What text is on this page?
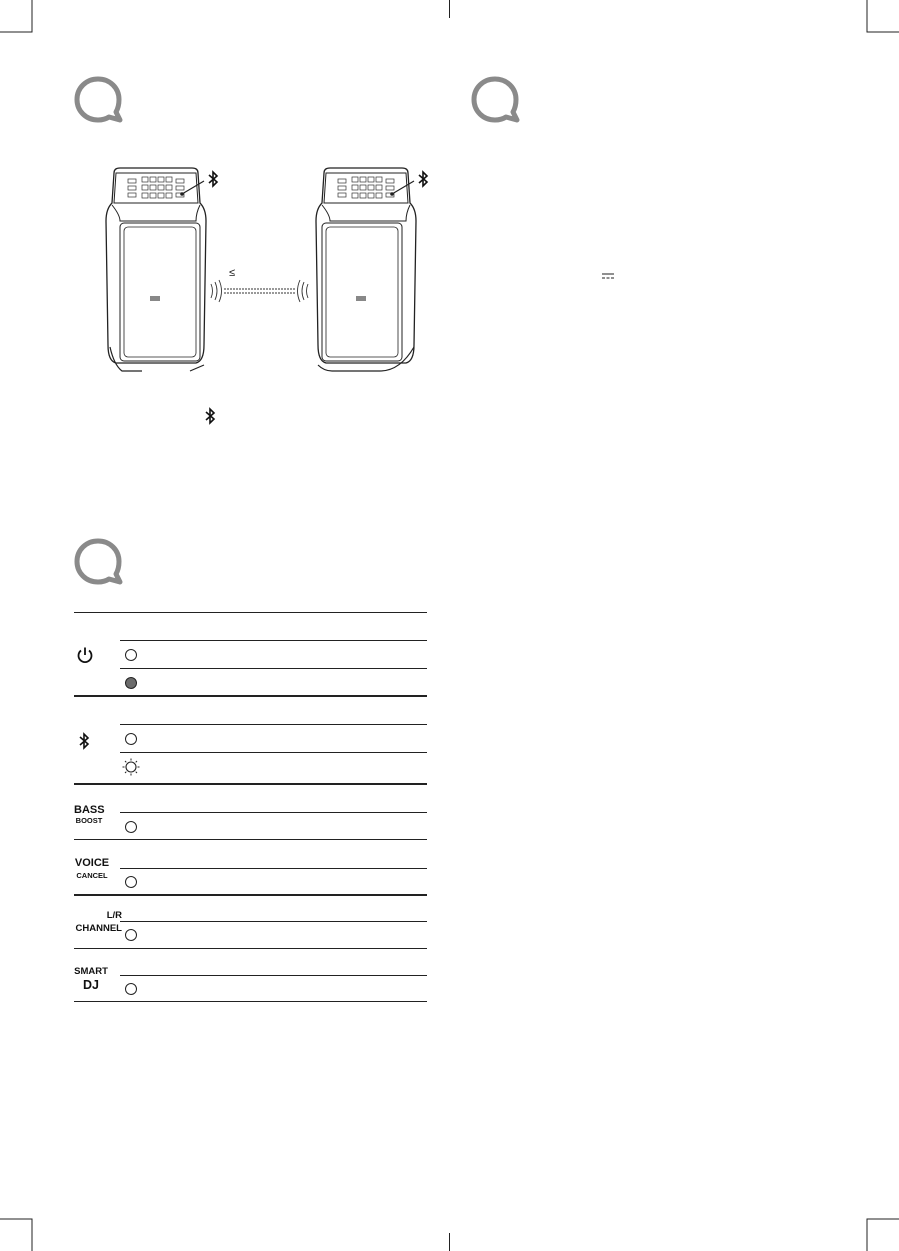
≤
BASS
BOOST
VOICE
CANCEL
L/R
CHANNEL
SMART
DJ
